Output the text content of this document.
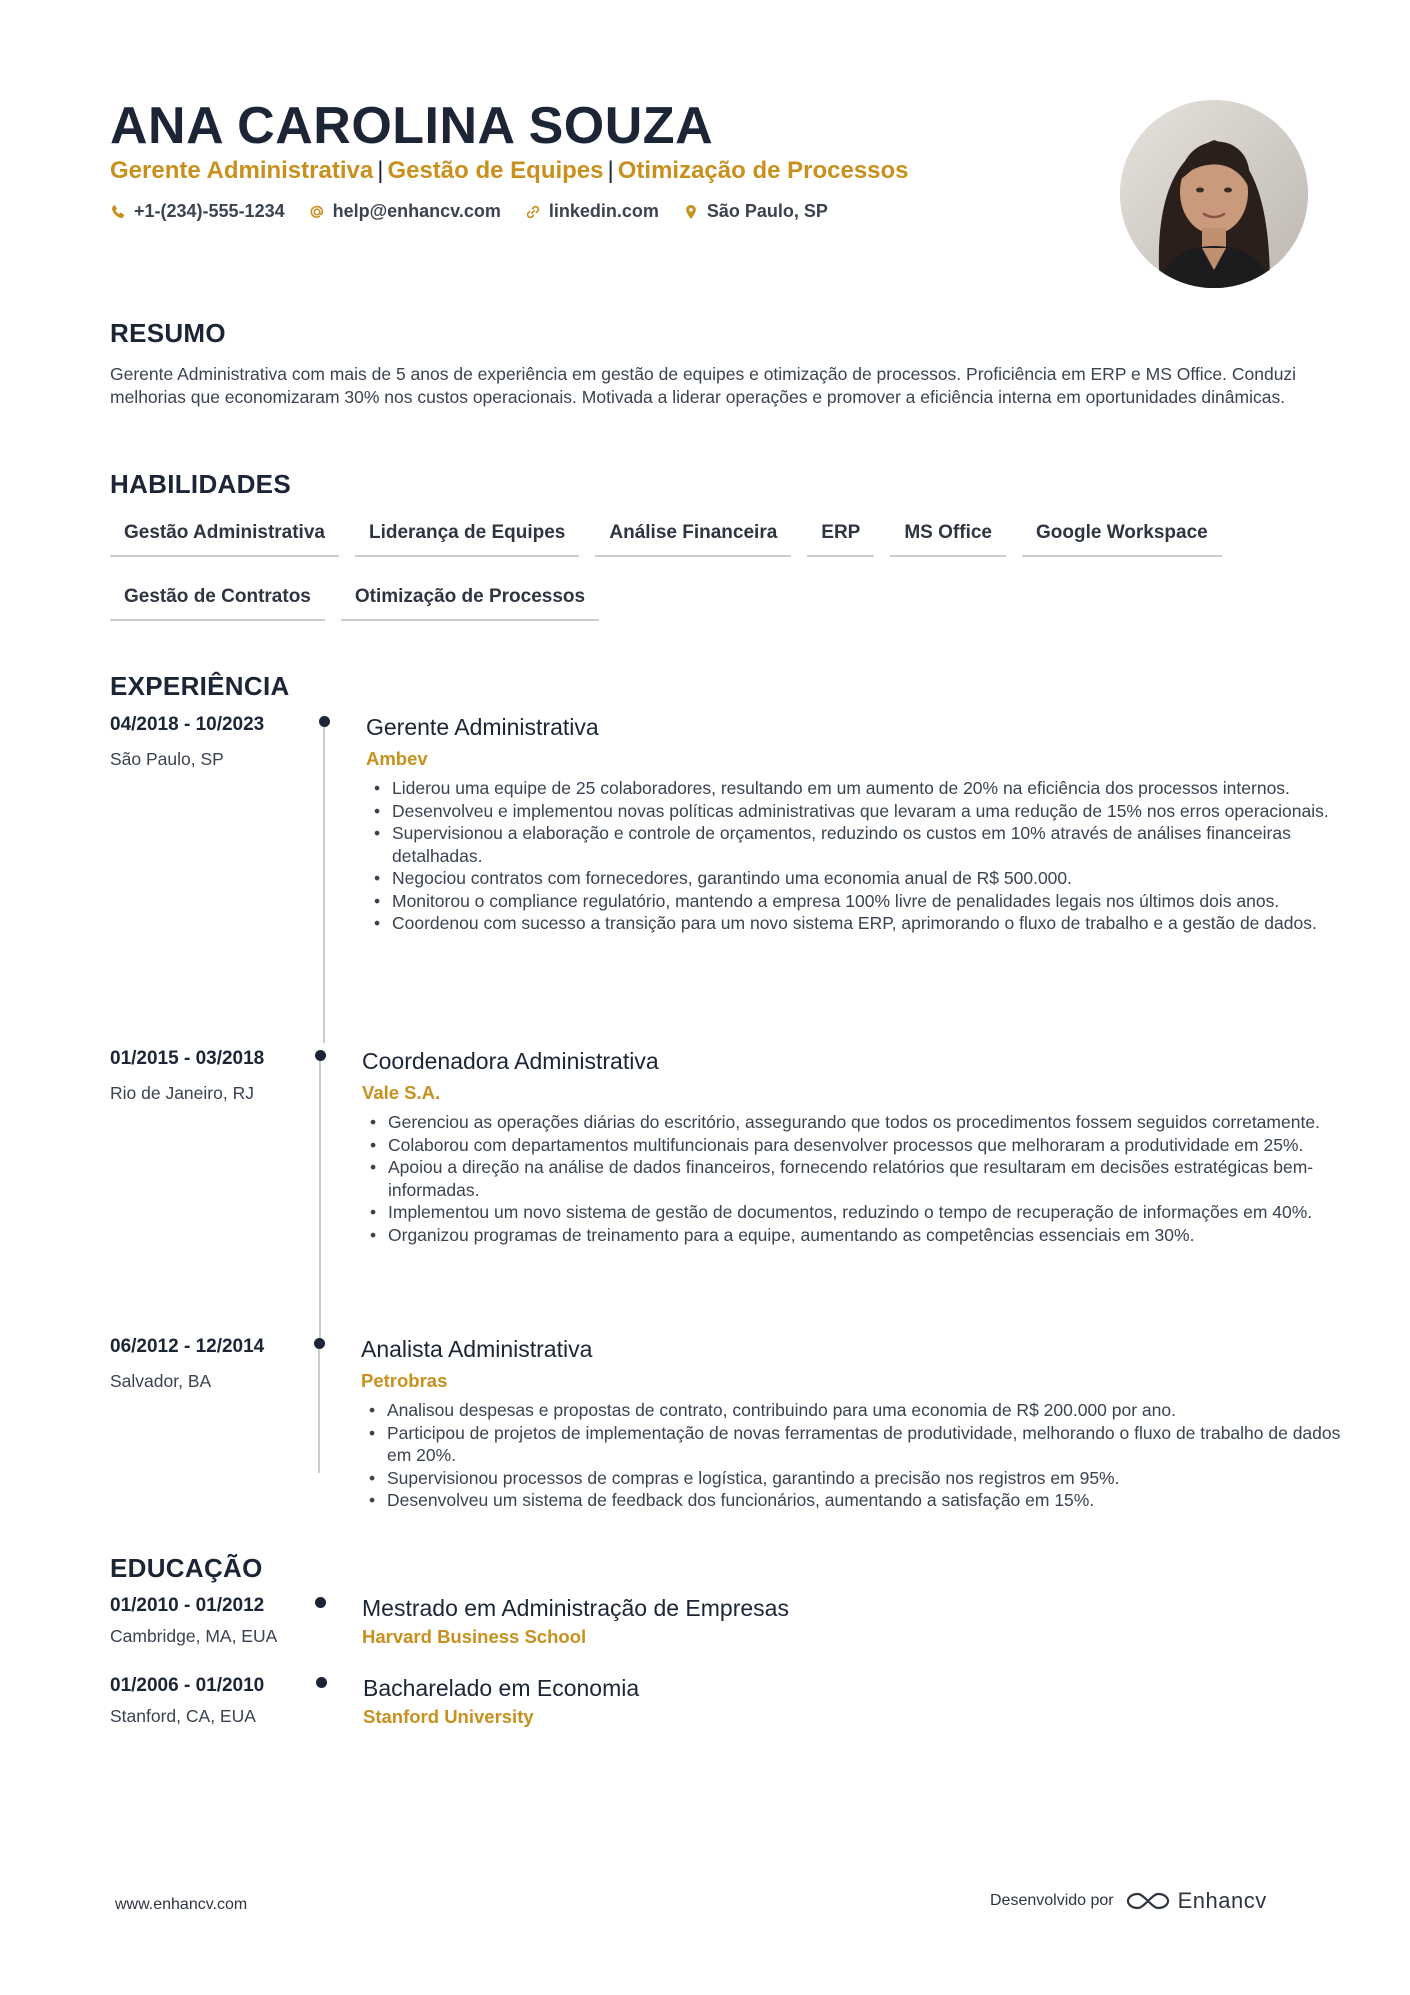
ANA CAROLINA SOUZA
Gerente Administrativa | Gestão de Equipes | Otimização de Processos
+1-(234)-555-1234	help@enhancv.com	linkedin.com	São Paulo, SP
RESUMO
Gerente Administrativa com mais de 5 anos de experiência em gestão de equipes e otimização de processos. Proficiência em ERP e MS Office. Conduzi melhorias que economizaram 30% nos custos operacionais. Motivada a liderar operações e promover a eficiência interna em oportunidades dinâmicas.
HABILIDADES
Gestão Administrativa	Liderança de Equipes	Análise Financeira	ERP	MS Office	Google Workspace
Gestão de Contratos	Otimização de Processos
EXPERIÊNCIA
04/2018 - 10/2023
São Paulo, SP
Gerente Administrativa
Ambev
• Liderou uma equipe de 25 colaboradores, resultando em um aumento de 20% na eficiência dos processos internos.
• Desenvolveu e implementou novas políticas administrativas que levaram a uma redução de 15% nos erros operacionais.
• Supervisionou a elaboração e controle de orçamentos, reduzindo os custos em 10% através de análises financeiras detalhadas.
• Negociou contratos com fornecedores, garantindo uma economia anual de R$ 500.000.
• Monitorou o compliance regulatório, mantendo a empresa 100% livre de penalidades legais nos últimos dois anos.
• Coordenou com sucesso a transição para um novo sistema ERP, aprimorando o fluxo de trabalho e a gestão de dados.
01/2015 - 03/2018
Rio de Janeiro, RJ
Coordenadora Administrativa
Vale S.A.
• Gerenciou as operações diárias do escritório, assegurando que todos os procedimentos fossem seguidos corretamente.
• Colaborou com departamentos multifuncionais para desenvolver processos que melhoraram a produtividade em 25%.
• Apoiou a direção na análise de dados financeiros, fornecendo relatórios que resultaram em decisões estratégicas bem-informadas.
• Implementou um novo sistema de gestão de documentos, reduzindo o tempo de recuperação de informações em 40%.
• Organizou programas de treinamento para a equipe, aumentando as competências essenciais em 30%.
06/2012 - 12/2014
Salvador, BA
Analista Administrativa
Petrobras
• Analisou despesas e propostas de contrato, contribuindo para uma economia de R$ 200.000 por ano.
• Participou de projetos de implementação de novas ferramentas de produtividade, melhorando o fluxo de trabalho de dados em 20%.
• Supervisionou processos de compras e logística, garantindo a precisão nos registros em 95%.
• Desenvolveu um sistema de feedback dos funcionários, aumentando a satisfação em 15%.
EDUCAÇÃO
01/2010 - 01/2012
Cambridge, MA, EUA
Mestrado em Administração de Empresas
Harvard Business School
01/2006 - 01/2010
Stanford, CA, EUA
Bacharelado em Economia
Stanford University
www.enhancv.com	Desenvolvido por	Enhancv
